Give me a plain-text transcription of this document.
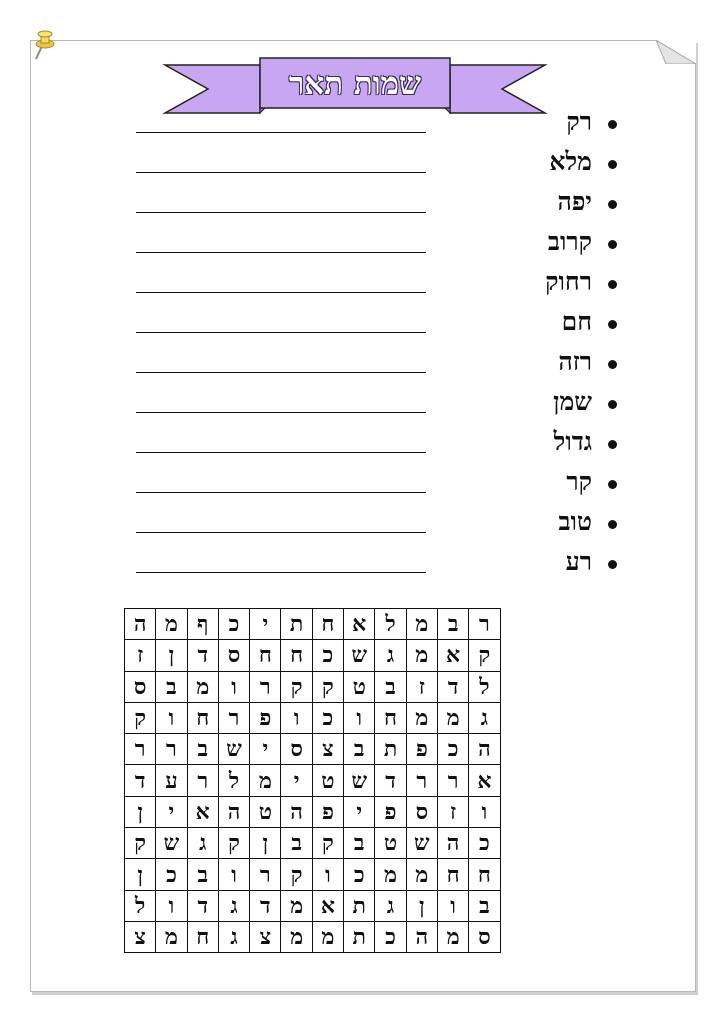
שמות תאר
רק
מלא
יפה
קרוב
רחוק
חם
רזה
שמן
גדול
קר
טוב
רע
ר	ב	מ	ל	א	ח	ת	י	כ	ף	מ	ה
ק	א	מ	ג	ש	כ	ח	ח	ס	ד	ן	ז
ל	ד	ז	ב	ט	ק	ק	ר	ו	מ	ב	ס
ג	מ	מ	ח	ו	כ	ו	פ	ר	ח	ו	ק
ה	כ	פ	ת	ב	צ	ס	י	ש	ב	ר	ר
א	ר	ר	ד	ש	ט	י	מ	ל	ר	ע	ד
ו	ז	ס	פ	י	פ	ה	ט	ה	א	י	ן
כ	ה	ש	ט	ב	ק	ב	ן	ק	ג	ש	ק
ח	ח	מ	מ	כ	ו	ק	ר	ו	ב	כ	ן
ב	ו	ן	ג	ת	א	מ	ד	ג	ד	ו	ל
ס	מ	ה	כ	ת	מ	מ	צ	ג	ח	מ	צ
